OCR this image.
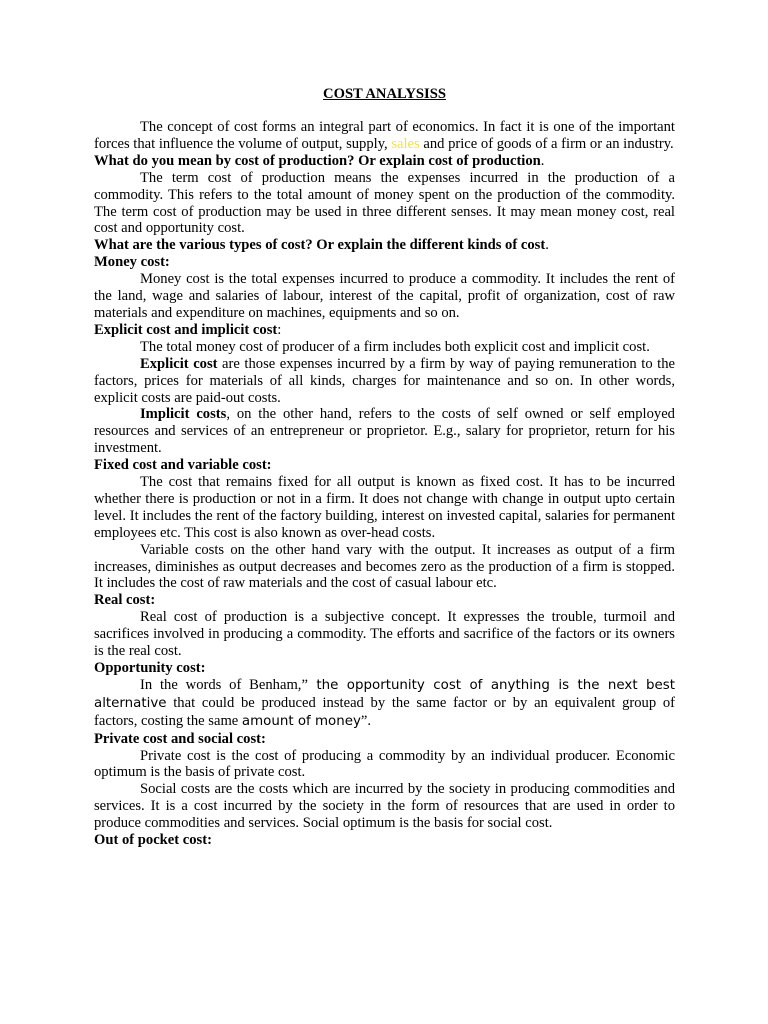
COST ANALYSISS

The concept of cost forms an integral part of economics. In fact it is one of the important forces that influence the volume of output, supply, sales and price of goods of a firm or an industry.

What do you mean by cost of production? Or explain cost of production.

The term cost of production means the expenses incurred in the production of a commodity. This refers to the total amount of money spent on the production of the commodity. The term cost of production may be used in three different senses. It may mean money cost, real cost and opportunity cost.

What are the various types of cost? Or explain the different kinds of cost.

Money cost:

Money cost is the total expenses incurred to produce a commodity. It includes the rent of the land, wage and salaries of labour, interest of the capital, profit of organization, cost of raw materials and expenditure on machines, equipments and so on.

Explicit cost and implicit cost:

The total money cost of producer of a firm includes both explicit cost and implicit cost.

Explicit cost are those expenses incurred by a firm by way of paying remuneration to the factors, prices for materials of all kinds, charges for maintenance and so on. In other words, explicit costs are paid-out costs.

Implicit costs, on the other hand, refers to the costs of self owned or self employed resources and services of an entrepreneur or proprietor. E.g., salary for proprietor, return for his investment.

Fixed cost and variable cost:

The cost that remains fixed for all output is known as fixed cost. It has to be incurred whether there is production or not in a firm. It does not change with change in output upto certain level. It includes the rent of the factory building, interest on invested capital, salaries for permanent employees etc. This cost is also known as over-head costs.

Variable costs on the other hand vary with the output. It increases as output of a firm increases, diminishes as output decreases and becomes zero as the production of a firm is stopped. It includes the cost of raw materials and the cost of casual labour etc.

Real cost:

Real cost of production is a subjective concept. It expresses the trouble, turmoil and sacrifices involved in producing a commodity. The efforts and sacrifice of the factors or its owners is the real cost.

Opportunity cost:

In the words of Benham,” the opportunity cost of anything is the next best alternative that could be produced instead by the same factor or by an equivalent group of factors, costing the same amount of money”.

Private cost and social cost:

Private cost is the cost of producing a commodity by an individual producer. Economic optimum is the basis of private cost.

Social costs are the costs which are incurred by the society in producing commodities and services. It is a cost incurred by the society in the form of resources that are used in order to produce commodities and services. Social optimum is the basis for social cost.

Out of pocket cost:
